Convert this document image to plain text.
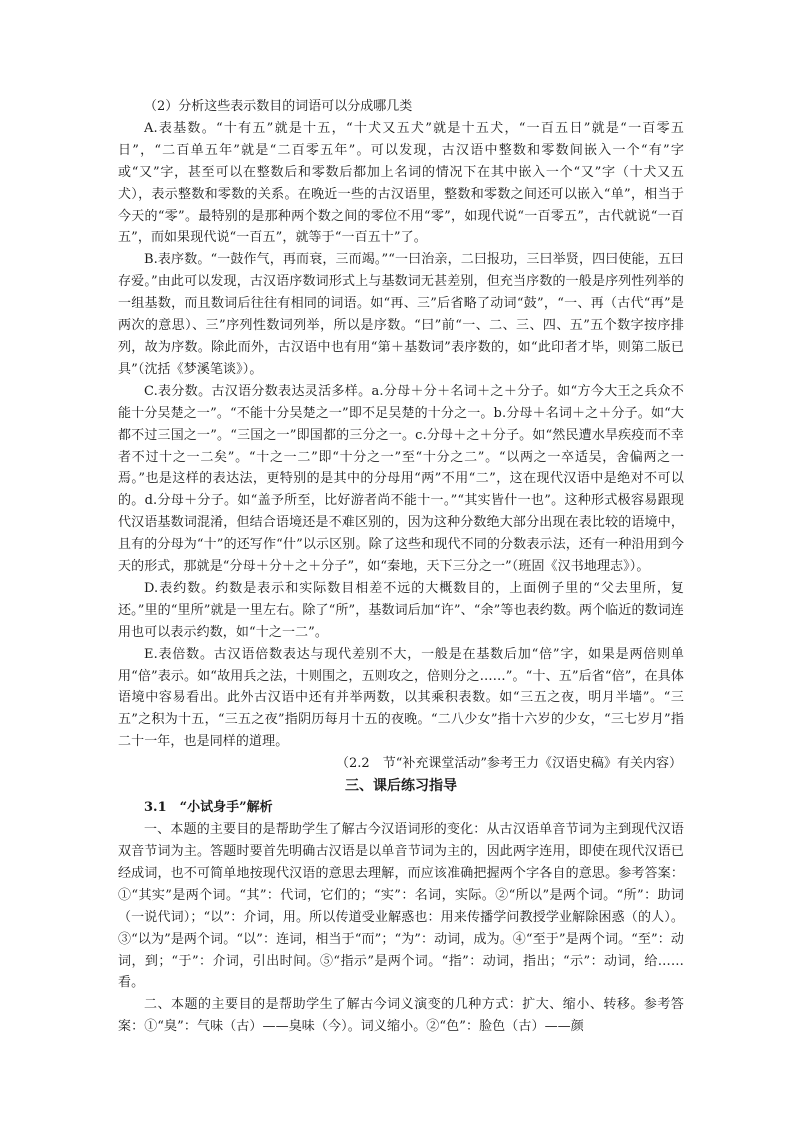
（2）分析这些表示数目的词语可以分成哪几类

A.表基数。“十有五”就是十五，“十犬又五犬”就是十五犬，“一百五日”就是“一百零五日”，“二百单五年”就是“二百零五年”。可以发现，古汉语中整数和零数间嵌入一个“有”字或“又”字，甚至可以在整数后和零数后都加上名词的情况下在其中嵌入一个“又”字（十犬又五犬），表示整数和零数的关系。在晚近一些的古汉语里，整数和零数之间还可以嵌入“单”，相当于今天的“零”。最特别的是那种两个数之间的零位不用“零”，如现代说“一百零五”，古代就说“一百五”，而如果现代说“一百五”，就等于“一百五十”了。

B.表序数。“一鼓作气，再而衰，三而竭。”“一曰治亲，二曰报功，三曰举贤，四曰使能，五曰存爱。”由此可以发现，古汉语序数词形式上与基数词无甚差别，但充当序数的一般是序列性列举的一组基数，而且数词后往往有相同的词语。如“再、三”后省略了动词“鼓”，“一、再（古代“再”是两次的意思）、三”序列性数词列举，所以是序数。“曰”前“一、二、三、四、五”五个数字按序排列，故为序数。除此而外，古汉语中也有用“第＋基数词”表序数的，如“此印者才毕，则第二版已具”（沈括《梦溪笔谈》）。

C.表分数。古汉语分数表达灵活多样。a.分母＋分＋名词＋之＋分子。如“方今大王之兵众不能十分吴楚之一”。“不能十分吴楚之一”即不足吴楚的十分之一。b.分母＋名词＋之＋分子。如“大都不过三国之一”。“三国之一”即国都的三分之一。c.分母＋之＋分子。如“然民遭水旱疾疫而不幸者不过十之一二矣”。“十之一二”即“十分之一”至“十分之二”。“以两之一卒适吴，舍偏两之一焉。”也是这样的表达法，更特别的是其中的分母用“两”不用“二”，这在现代汉语中是绝对不可以的。d.分母＋分子。如“盖予所至，比好游者尚不能十一。”“其实皆什一也”。这种形式极容易跟现代汉语基数词混淆，但结合语境还是不难区别的，因为这种分数绝大部分出现在表比较的语境中，且有的分母为“十”的还写作“什”以示区别。除了这些和现代不同的分数表示法，还有一种沿用到今天的形式，那就是“分母＋分＋之＋分子”，如“秦地，天下三分之一”（班固《汉书地理志》）。

D.表约数。约数是表示和实际数目相差不远的大概数目的，上面例子里的“父去里所，复还。”里的“里所”就是一里左右。除了“所”，基数词后加“许”、“余”等也表约数。两个临近的数词连用也可以表示约数，如“十之一二”。

E.表倍数。古汉语倍数表达与现代差别不大，一般是在基数后加“倍”字，如果是两倍则单用“倍”表示。如“故用兵之法，十则围之，五则攻之，倍则分之……”。“十、五”后省“倍”，在具体语境中容易看出。此外古汉语中还有并举两数，以其乘积表数。如“三五之夜，明月半墙”。“三五”之积为十五，“三五之夜”指阴历每月十五的夜晚。“二八少女”指十六岁的少女，“三七岁月”指二十一年，也是同样的道理。

（2.2　节“补充课堂活动”参考王力《汉语史稿》有关内容）

三、课后练习指导

3.1　“小试身手”解析

一、本题的主要目的是帮助学生了解古今汉语词形的变化：从古汉语单音节词为主到现代汉语双音节词为主。答题时要首先明确古汉语是以单音节词为主的，因此两字连用，即使在现代汉语已经成词，也不可简单地按现代汉语的意思去理解，而应该准确把握两个字各自的意思。参考答案：①“其实”是两个词。“其”：代词，它们的；“实”：名词，实际。②“所以”是两个词。“所”：助词（一说代词）；“以”：介词，用。所以传道受业解惑也：用来传播学问教授学业解除困惑（的人）。③“以为”是两个词。“以”：连词，相当于“而”；“为”：动词，成为。④“至于”是两个词。“至”：动词，到；“于”：介词，引出时间。⑤“指示”是两个词。“指”：动词，指出；“示”：动词，给……看。

二、本题的主要目的是帮助学生了解古今词义演变的几种方式：扩大、缩小、转移。参考答案：①“臭”：气味（古）——臭味（今）。词义缩小。②“色”：脸色（古）——颜
